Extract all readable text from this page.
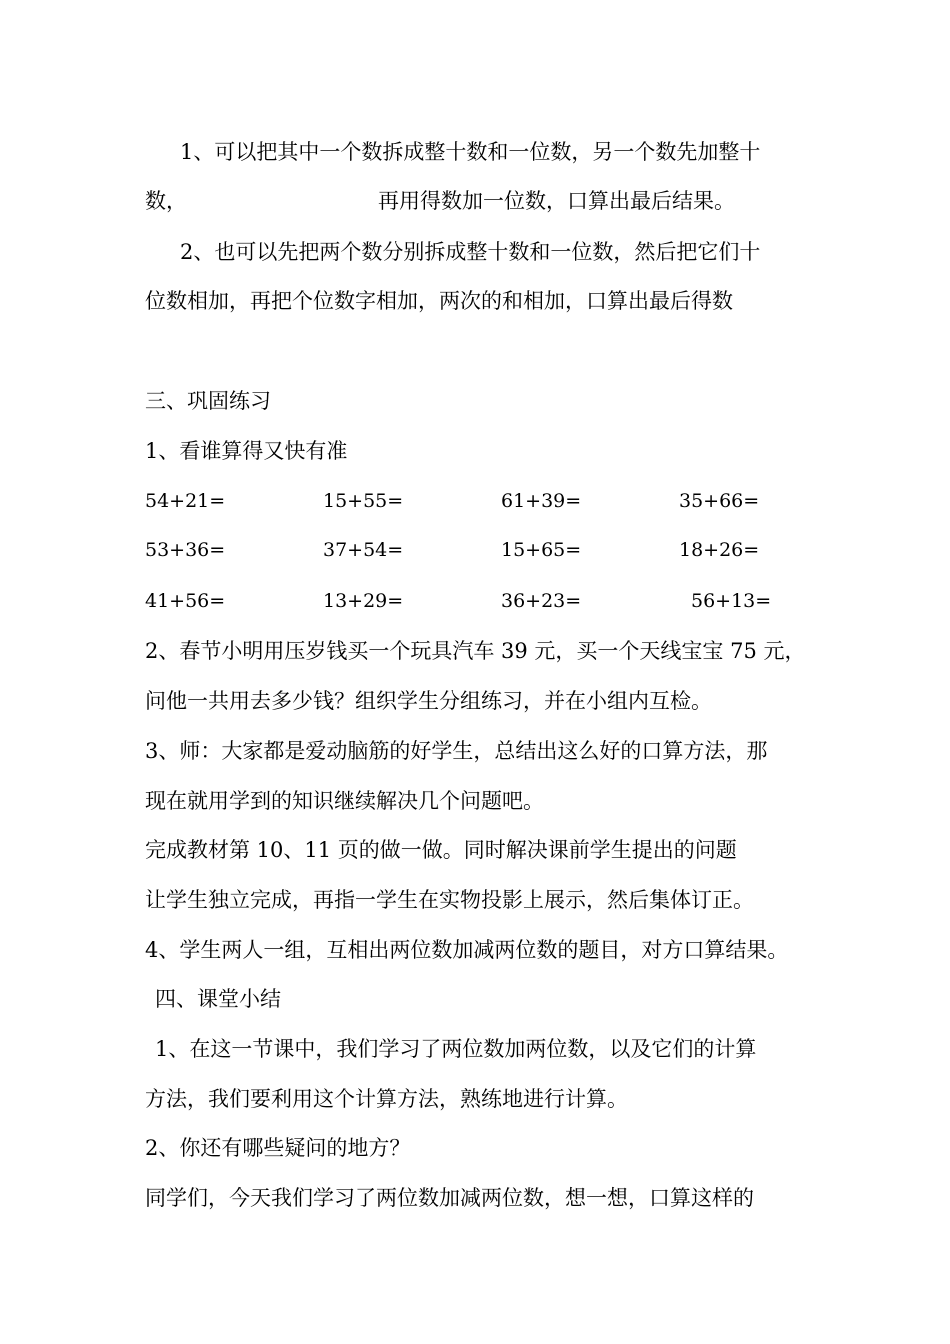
1、可以把其中一个数拆成整十数和一位数，另一个数先加整十
数，	再用得数加一位数，口算出最后结果。
2、也可以先把两个数分别拆成整十数和一位数，然后把它们十
位数相加，再把个位数字相加，两次的和相加，口算出最后得数
三、巩固练习
1、看谁算得又快有准
54+21=	15+55=	61+39=	35+66=
53+36=	37+54=	15+65=	18+26=
41+56=	13+29=	36+23=	56+13=
2、春节小明用压岁钱买一个玩具汽车 39 元，买一个天线宝宝 75 元，
问他一共用去多少钱？组织学生分组练习，并在小组内互检。
3、师：大家都是爱动脑筋的好学生，总结出这么好的口算方法，那
现在就用学到的知识继续解决几个问题吧。
完成教材第 10、11 页的做一做。同时解决课前学生提出的问题
让学生独立完成，再指一学生在实物投影上展示，然后集体订正。
4、学生两人一组，互相出两位数加减两位数的题目，对方口算结果。
四、课堂小结
1、在这一节课中，我们学习了两位数加两位数，以及它们的计算
方法，我们要利用这个计算方法，熟练地进行计算。
2、你还有哪些疑问的地方？
同学们，今天我们学习了两位数加减两位数，想一想，口算这样的
